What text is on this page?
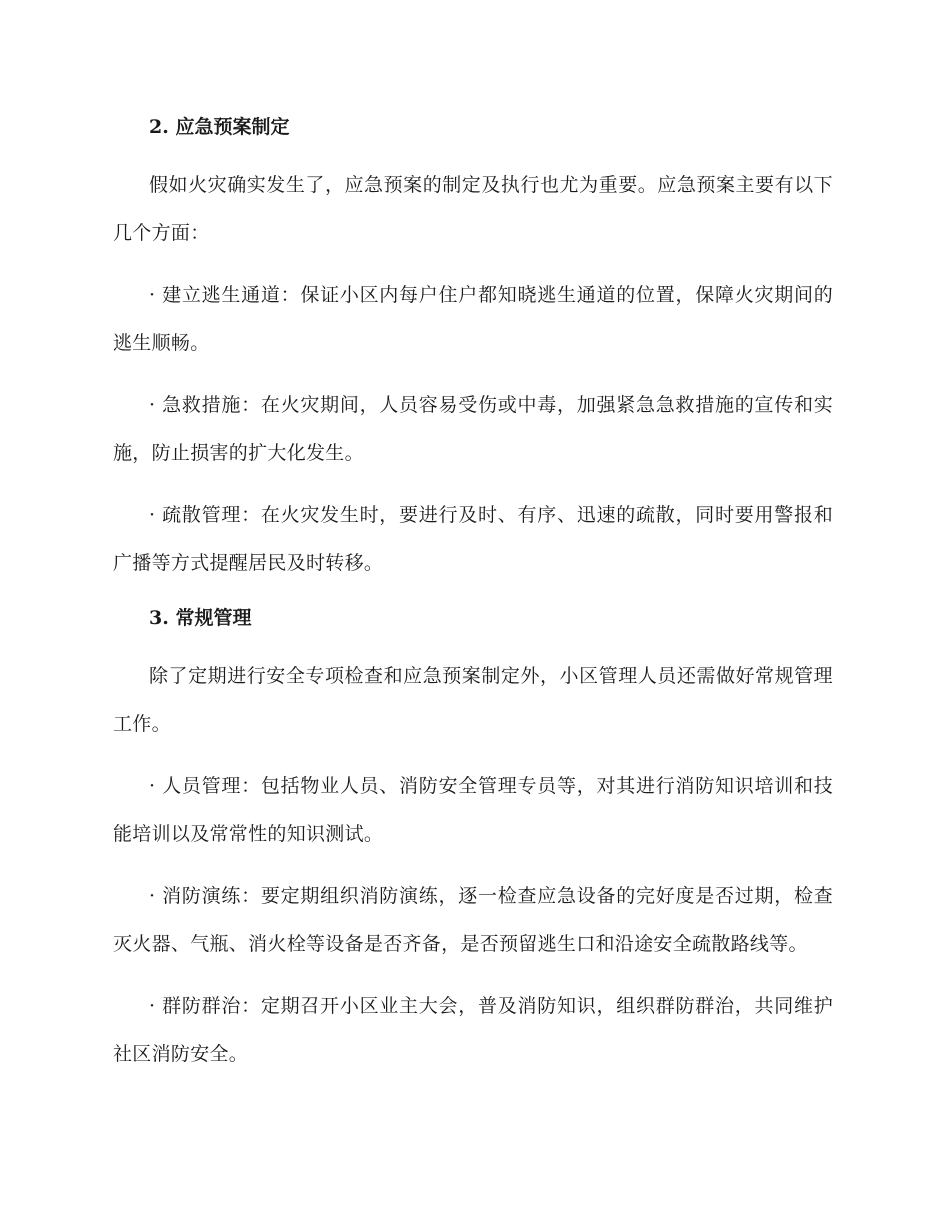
2. 应急预案制定

假如火灾确实发生了，应急预案的制定及执行也尤为重要。应急预案主要有以下几个方面：

· 建立逃生通道：保证小区内每户住户都知晓逃生通道的位置，保障火灾期间的逃生顺畅。

· 急救措施：在火灾期间，人员容易受伤或中毒，加强紧急急救措施的宣传和实施，防止损害的扩大化发生。

· 疏散管理：在火灾发生时，要进行及时、有序、迅速的疏散，同时要用警报和广播等方式提醒居民及时转移。

3. 常规管理

除了定期进行安全专项检查和应急预案制定外，小区管理人员还需做好常规管理工作。

· 人员管理：包括物业人员、消防安全管理专员等，对其进行消防知识培训和技能培训以及常常性的知识测试。

· 消防演练：要定期组织消防演练，逐一检查应急设备的完好度是否过期，检查灭火器、气瓶、消火栓等设备是否齐备，是否预留逃生口和沿途安全疏散路线等。

· 群防群治：定期召开小区业主大会，普及消防知识，组织群防群治，共同维护社区消防安全。
